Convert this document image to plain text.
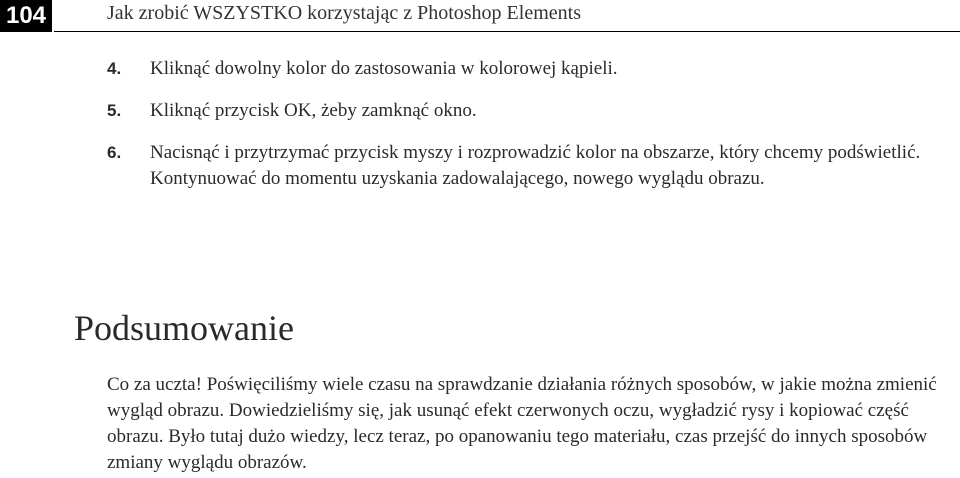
104	Jak zrobić WSZYSTKO korzystając z Photoshop Elements
4. Kliknąć dowolny kolor do zastosowania w kolorowej kąpieli.
5. Kliknąć przycisk OK, żeby zamknąć okno.
6. Nacisnąć i przytrzymać przycisk myszy i rozprowadzić kolor na obszarze, który chcemy podświetlić. Kontynuować do momentu uzyskania zadowalającego, nowego wyglądu obrazu.
Podsumowanie

Co za uczta! Poświęciliśmy wiele czasu na sprawdzanie działania różnych sposobów, w jakie można zmienić wygląd obrazu. Dowiedzieliśmy się, jak usunąć efekt czerwonych oczu, wygładzić rysy i kopiować część obrazu. Było tutaj dużo wiedzy, lecz teraz, po opanowaniu tego materiału, czas przejść do innych sposobów zmiany wyglądu obrazów.
